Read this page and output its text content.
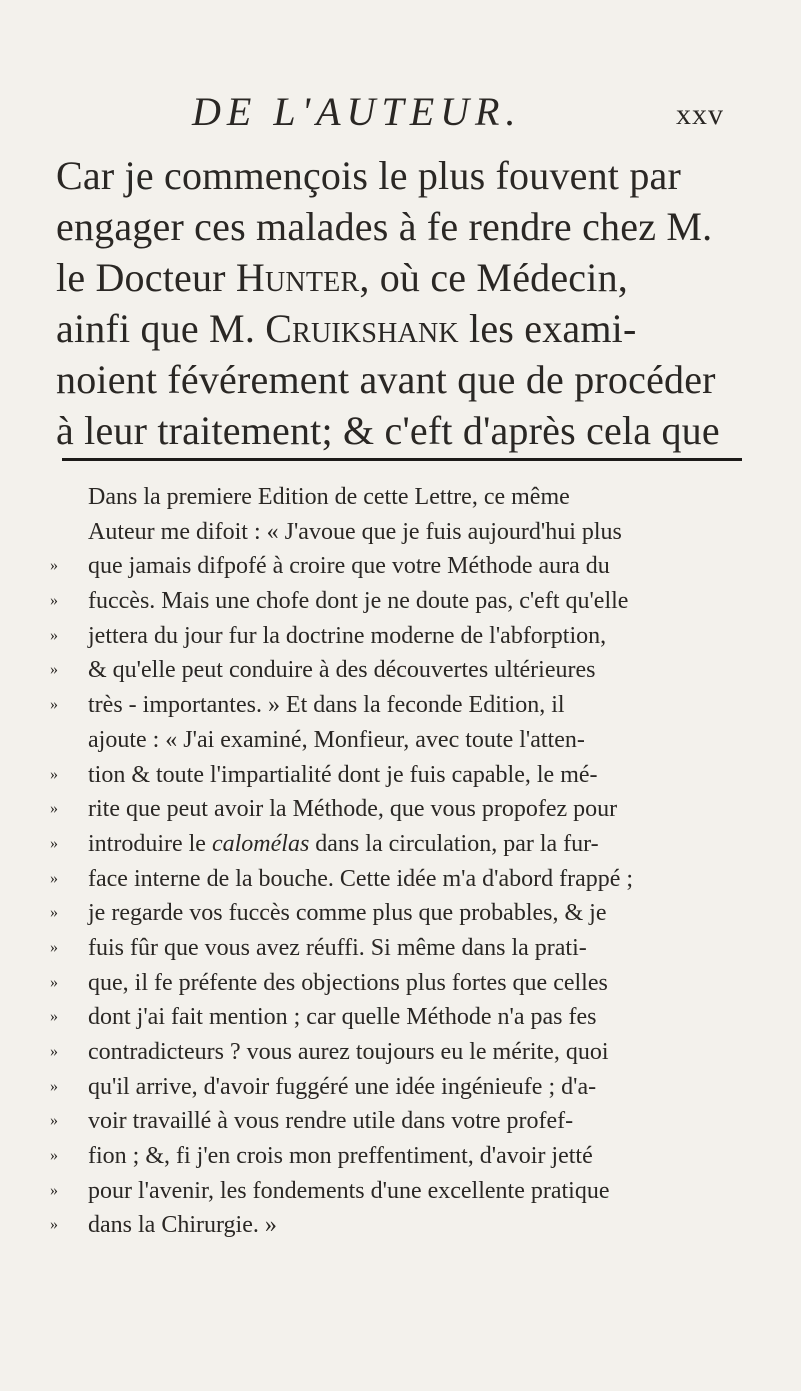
DE L'AUTEUR.	xxv
Car je commençois le plus fouvent par
engager ces malades à fe rendre chez M.
le Docteur Hunter, où ce Médecin,
ainfi que M. Cruikshank les exami-
noient févérement avant que de procéder
à leur traitement; & c'eft d'après cela que
Dans la premiere Edition de cette Lettre, ce même
Auteur me difoit : « J'avoue que je fuis aujourd'hui plus
»	que jamais difpofé à croire que votre Méthode aura du
»	fuccès. Mais une chofe dont je ne doute pas, c'eft qu'elle
»	jettera du jour fur la doctrine moderne de l'abforption,
»	& qu'elle peut conduire à des découvertes ultérieures
»	très - importantes. » Et dans la feconde Edition, il
ajoute : « J'ai examiné, Monfieur, avec toute l'atten-
»	tion & toute l'impartialité dont je fuis capable, le mé-
»	rite que peut avoir la Méthode, que vous propofez pour
»	introduire le calomélas dans la circulation, par la fur-
»	face interne de la bouche. Cette idée m'a d'abord frappé ;
»	je regarde vos fuccès comme plus que probables, & je
»	fuis fûr que vous avez réuffi. Si même dans la prati-
»	que, il fe préfente des objections plus fortes que celles
»	dont j'ai fait mention ; car quelle Méthode n'a pas fes
»	contradicteurs ? vous aurez toujours eu le mérite, quoi
»	qu'il arrive, d'avoir fuggéré une idée ingénieufe ; d'a-
»	voir travaillé à vous rendre utile dans votre profef-
»	fion ; &, fi j'en crois mon preffentiment, d'avoir jetté
»	pour l'avenir, les fondements d'une excellente pratique
»	dans la Chirurgie. »
